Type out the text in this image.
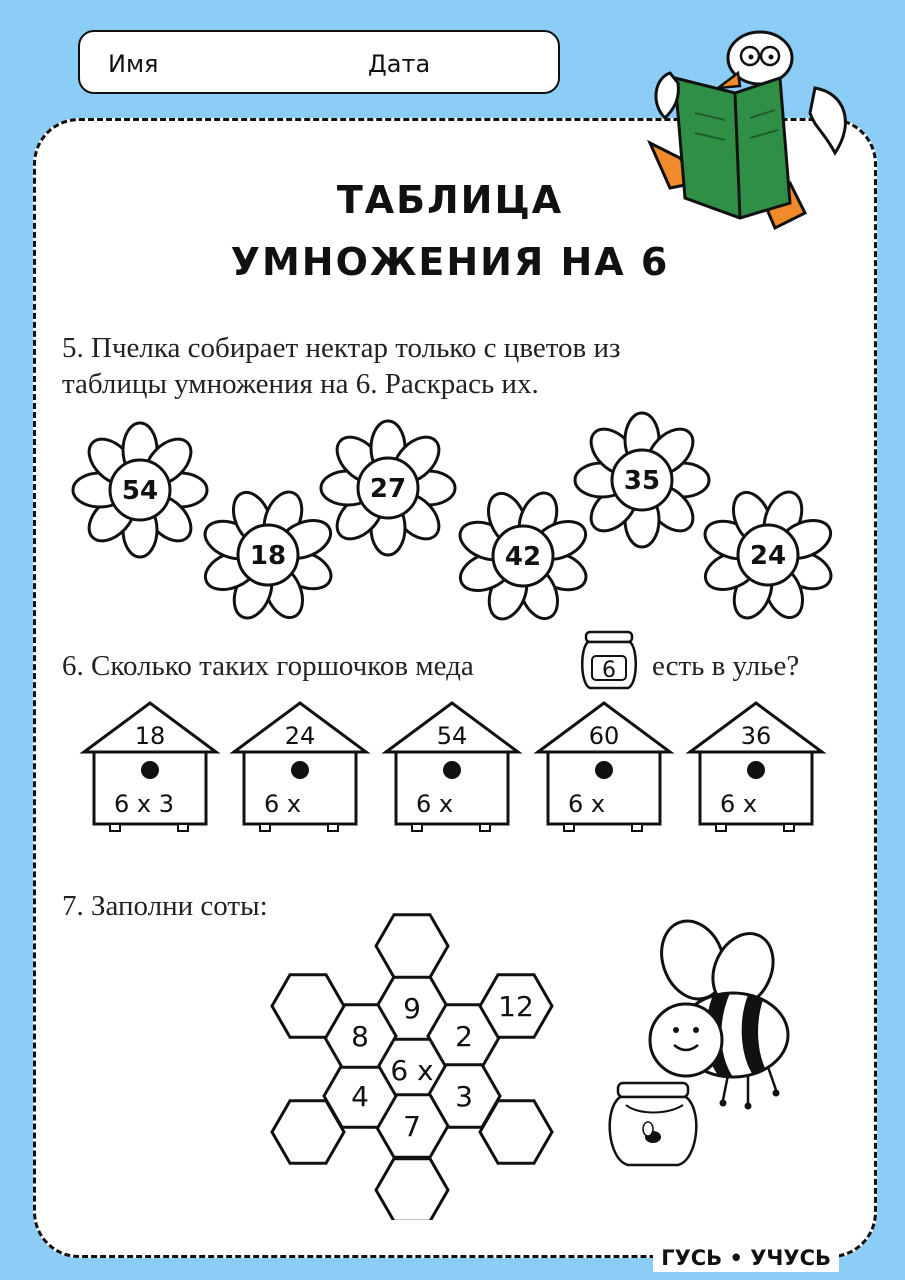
Имя	Дата
ТАБЛИЦА
УМНОЖЕНИЯ НА 6
5. Пчелка собирает нектар только с цветов из
таблицы умножения на 6. Раскрась их.
54
18
27
42
35
24
6. Сколько таких горшочков меда	6 есть в улье?
18
6 x 3
24
6 x
54
6 x
60
6 x
36
6 x
7. Заполни соты:
6 x
9
2
3
7
4
8
12
ГУСЬ • УЧУСЬ
